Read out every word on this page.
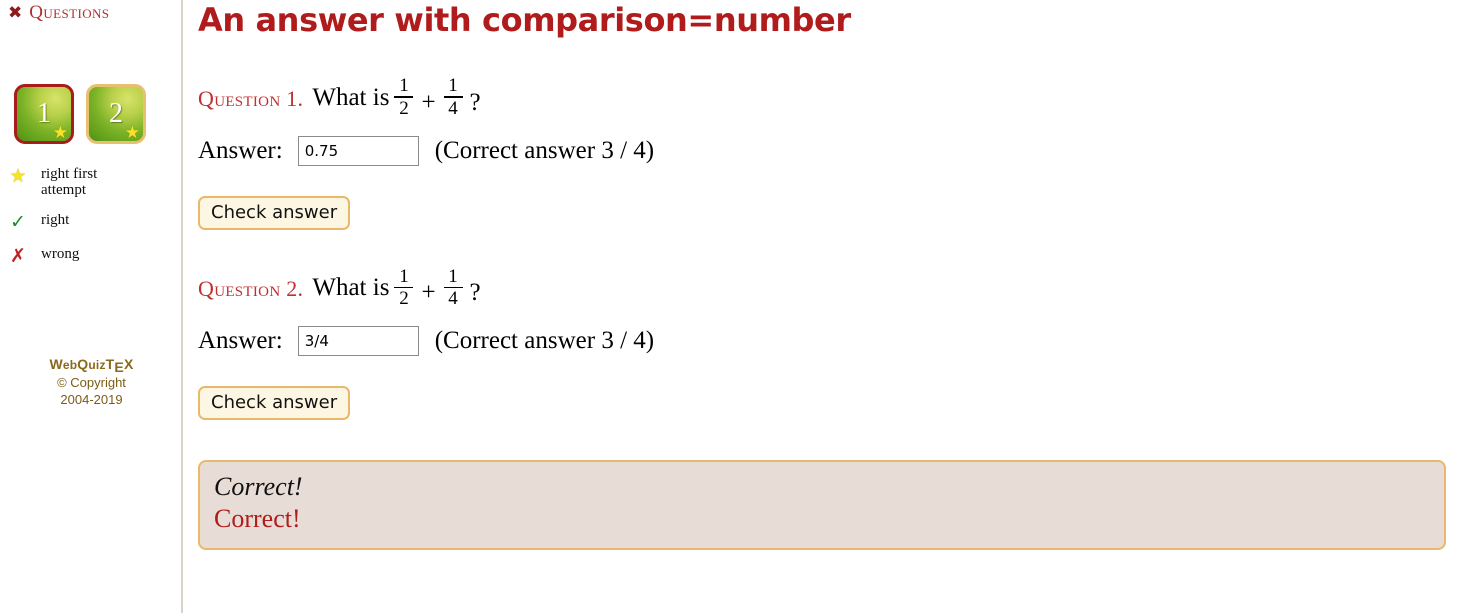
✖ Questions
1
★
2
★
★ right first attempt
✓ right
✗ wrong
WebQuizTEX
© Copyright
2004-2019
An answer with comparison=number
Question 1. What is $\frac{1}{2} + \frac{1}{4}$ ?
Answer:
0.75	(Correct answer 3 / 4)
Check answer
Question 2. What is $\frac{1}{2} + \frac{1}{4}$ ?
Answer:
3/4	(Correct answer 3 / 4)
Check answer
Correct!
Correct!
